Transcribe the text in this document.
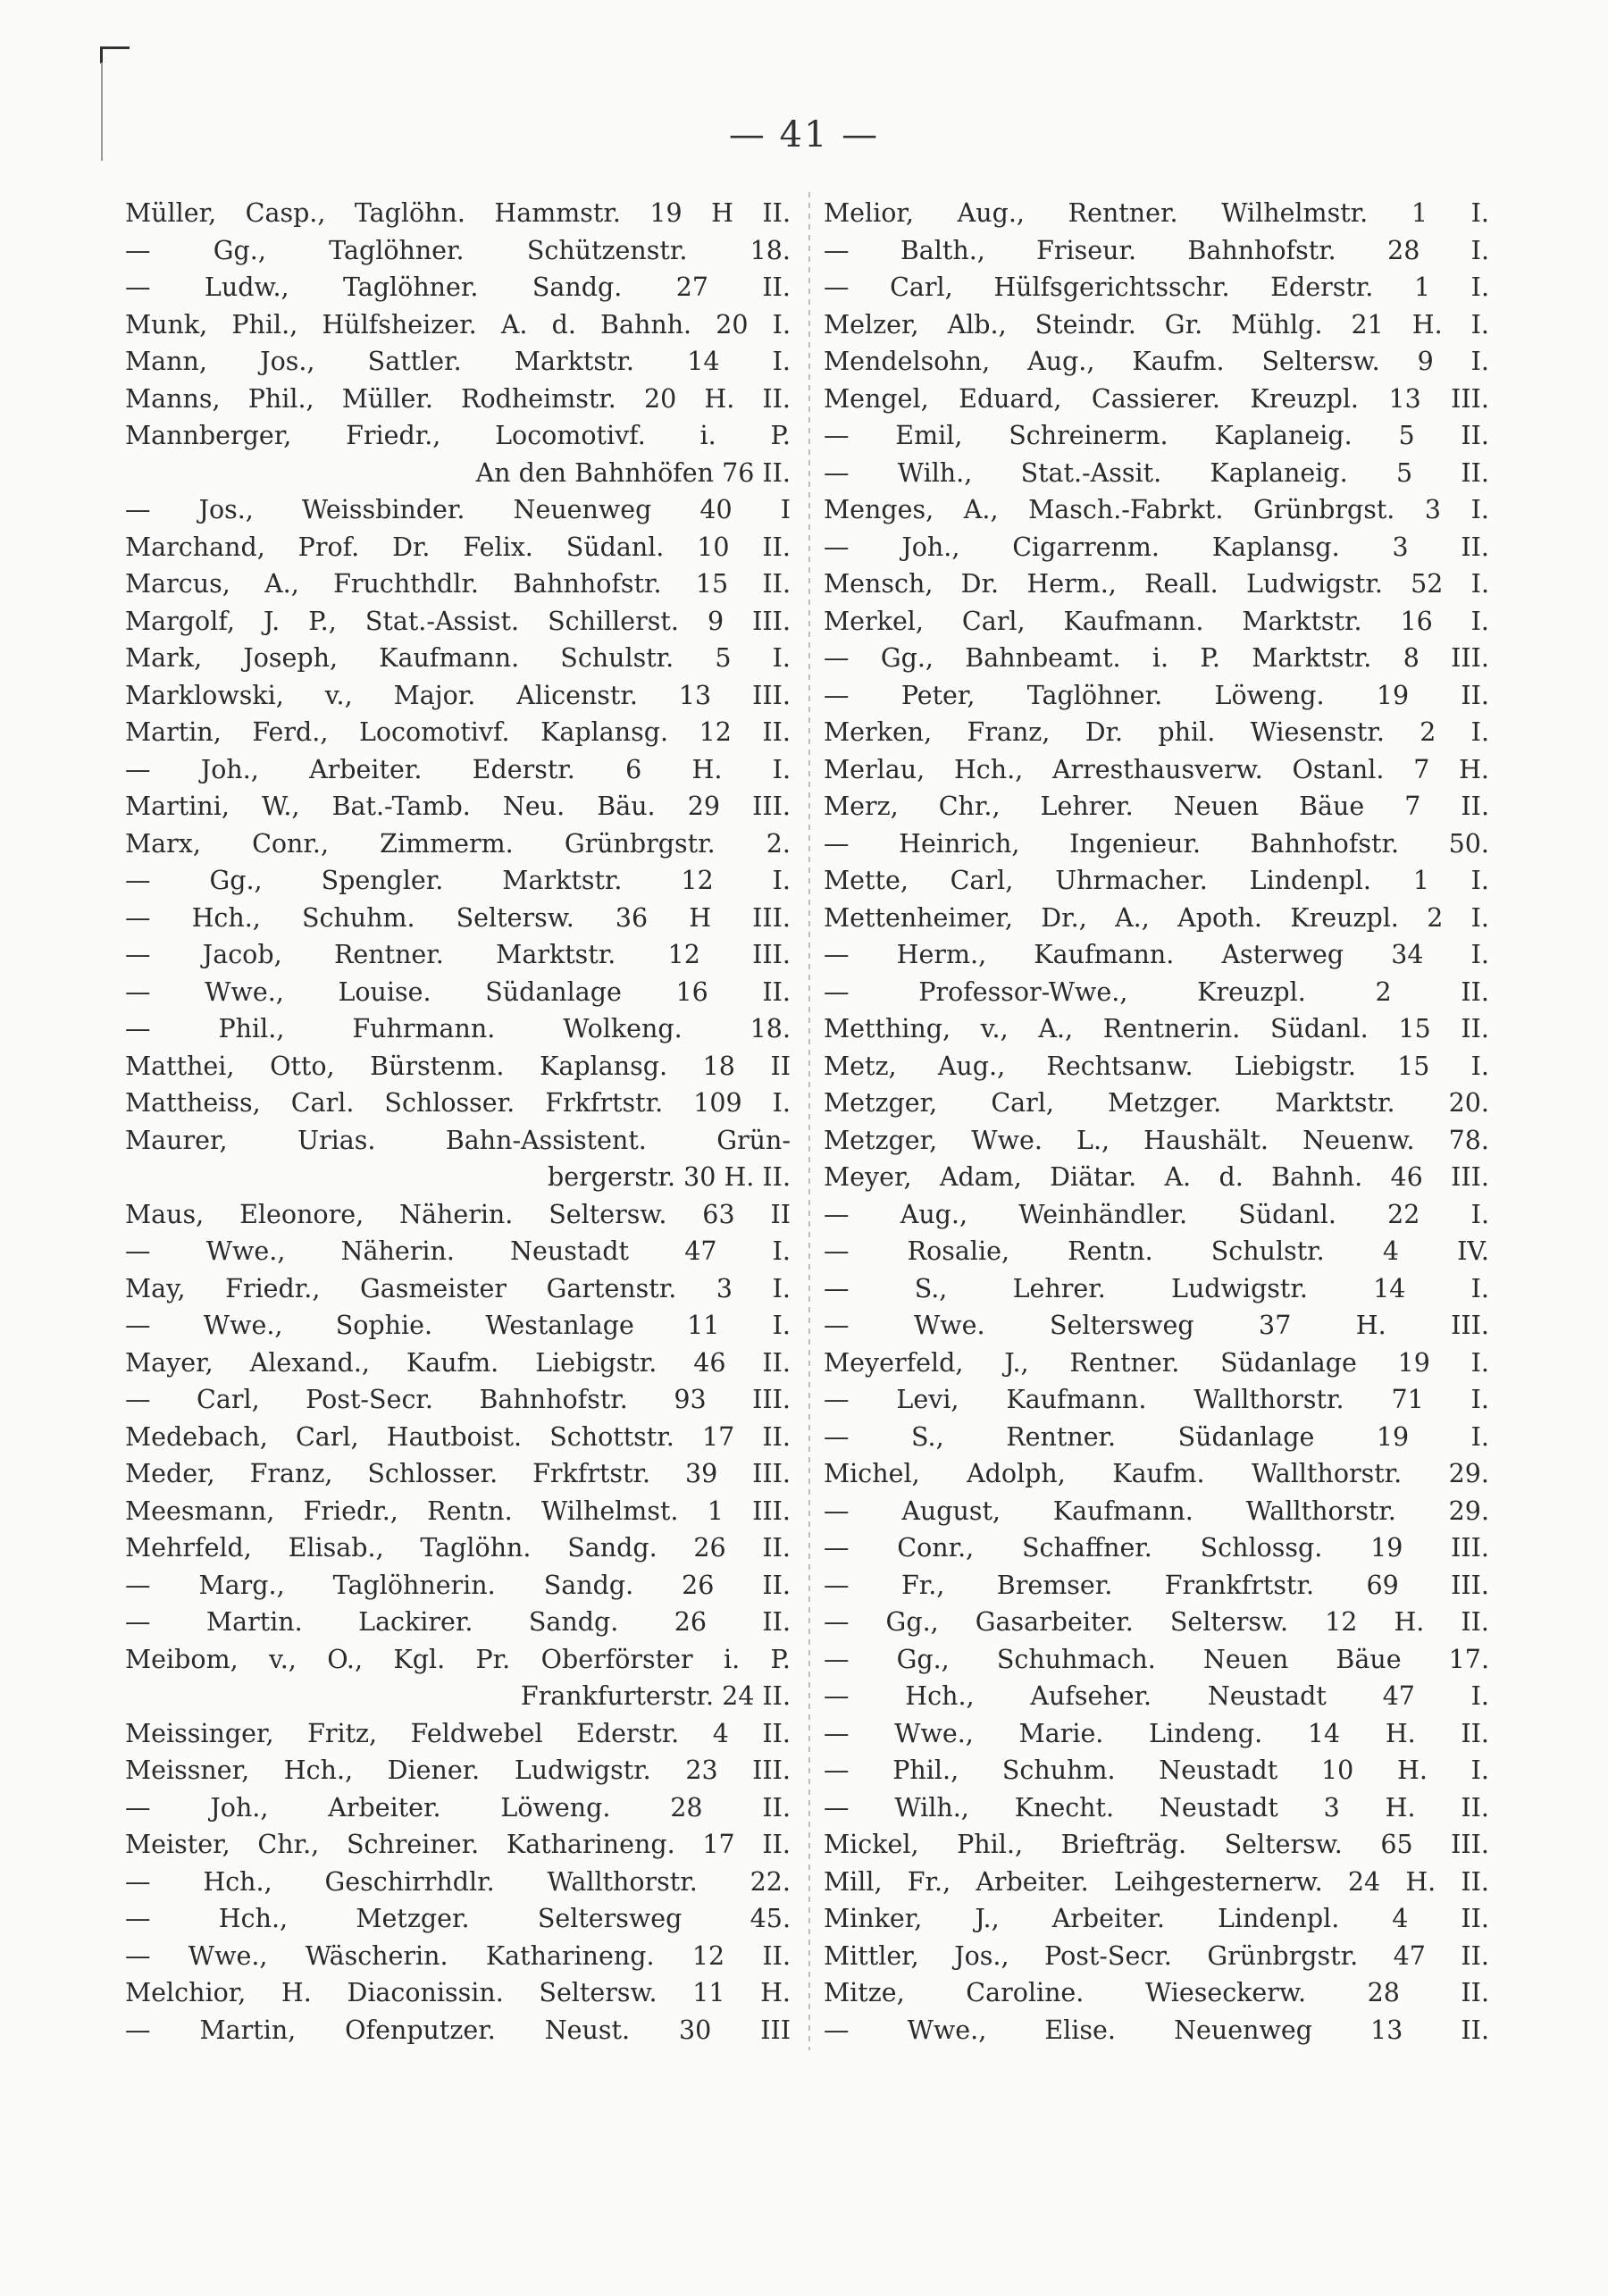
— 41 —
Müller, Casp., Taglöhn. Hammstr. 19 H II.
— Gg., Taglöhner. Schützenstr. 18.
— Ludw., Taglöhner. Sandg. 27 II.
Munk, Phil., Hülfsheizer. A. d. Bahnh. 20 I.
Mann, Jos., Sattler. Marktstr. 14 I.
Manns, Phil., Müller. Rodheimstr. 20 H. II.
Mannberger, Friedr., Locomotivf. i. P.
An den Bahnhöfen 76 II.
— Jos., Weissbinder. Neuenweg 40 I
Marchand, Prof. Dr. Felix. Südanl. 10 II.
Marcus, A., Fruchthdlr. Bahnhofstr. 15 II.
Margolf, J. P., Stat.-Assist. Schillerst. 9 III.
Mark, Joseph, Kaufmann. Schulstr. 5 I.
Marklowski, v., Major. Alicenstr. 13 III.
Martin, Ferd., Locomotivf. Kaplansg. 12 II.
— Joh., Arbeiter. Ederstr. 6 H. I.
Martini, W., Bat.-Tamb. Neu. Bäu. 29 III.
Marx, Conr., Zimmerm. Grünbrgstr. 2.
— Gg., Spengler. Marktstr. 12 I.
— Hch., Schuhm. Seltersw. 36 H III.
— Jacob, Rentner. Marktstr. 12 III.
— Wwe., Louise. Südanlage 16 II.
— Phil., Fuhrmann. Wolkeng. 18.
Matthei, Otto, Bürstenm. Kaplansg. 18 II
Mattheiss, Carl. Schlosser. Frkfrtstr. 109 I.
Maurer, Urias. Bahn-Assistent. Grün-
bergerstr. 30 H. II.
Maus, Eleonore, Näherin. Seltersw. 63 II
— Wwe., Näherin. Neustadt 47 I.
May, Friedr., Gasmeister Gartenstr. 3 I.
— Wwe., Sophie. Westanlage 11 I.
Mayer, Alexand., Kaufm. Liebigstr. 46 II.
— Carl, Post-Secr. Bahnhofstr. 93 III.
Medebach, Carl, Hautboist. Schottstr. 17 II.
Meder, Franz, Schlosser. Frkfrtstr. 39 III.
Meesmann, Friedr., Rentn. Wilhelmst. 1 III.
Mehrfeld, Elisab., Taglöhn. Sandg. 26 II.
— Marg., Taglöhnerin. Sandg. 26 II.
— Martin. Lackirer. Sandg. 26 II.
Meibom, v., O., Kgl. Pr. Oberförster i. P.
Frankfurterstr. 24 II.
Meissinger, Fritz, Feldwebel Ederstr. 4 II.
Meissner, Hch., Diener. Ludwigstr. 23 III.
— Joh., Arbeiter. Löweng. 28 II.
Meister, Chr., Schreiner. Katharineng. 17 II.
— Hch., Geschirrhdlr. Wallthorstr. 22.
— Hch., Metzger. Seltersweg 45.
— Wwe., Wäscherin. Katharineng. 12 II.
Melchior, H. Diaconissin. Seltersw. 11 H.
— Martin, Ofenputzer. Neust. 30 III
Melior, Aug., Rentner. Wilhelmstr. 1 I.
— Balth., Friseur. Bahnhofstr. 28 I.
— Carl, Hülfsgerichtsschr. Ederstr. 1 I.
Melzer, Alb., Steindr. Gr. Mühlg. 21 H. I.
Mendelsohn, Aug., Kaufm. Seltersw. 9 I.
Mengel, Eduard, Cassierer. Kreuzpl. 13 III.
— Emil, Schreinerm. Kaplaneig. 5 II.
— Wilh., Stat.-Assit. Kaplaneig. 5 II.
Menges, A., Masch.-Fabrkt. Grünbrgst. 3 I.
— Joh., Cigarrenm. Kaplansg. 3 II.
Mensch, Dr. Herm., Reall. Ludwigstr. 52 I.
Merkel, Carl, Kaufmann. Marktstr. 16 I.
— Gg., Bahnbeamt. i. P. Marktstr. 8 III.
— Peter, Taglöhner. Löweng. 19 II.
Merken, Franz, Dr. phil. Wiesenstr. 2 I.
Merlau, Hch., Arresthausverw. Ostanl. 7 H.
Merz, Chr., Lehrer. Neuen Bäue 7 II.
— Heinrich, Ingenieur. Bahnhofstr. 50.
Mette, Carl, Uhrmacher. Lindenpl. 1 I.
Mettenheimer, Dr., A., Apoth. Kreuzpl. 2 I.
— Herm., Kaufmann. Asterweg 34 I.
— Professor-Wwe., Kreuzpl. 2 II.
Metthing, v., A., Rentnerin. Südanl. 15 II.
Metz, Aug., Rechtsanw. Liebigstr. 15 I.
Metzger, Carl, Metzger. Marktstr. 20.
Metzger, Wwe. L., Haushält. Neuenw. 78.
Meyer, Adam, Diätar. A. d. Bahnh. 46 III.
— Aug., Weinhändler. Südanl. 22 I.
— Rosalie, Rentn. Schulstr. 4 IV.
— S., Lehrer. Ludwigstr. 14 I.
— Wwe. Seltersweg 37 H. III.
Meyerfeld, J., Rentner. Südanlage 19 I.
— Levi, Kaufmann. Wallthorstr. 71 I.
— S., Rentner. Südanlage 19 I.
Michel, Adolph, Kaufm. Wallthorstr. 29.
— August, Kaufmann. Wallthorstr. 29.
— Conr., Schaffner. Schlossg. 19 III.
— Fr., Bremser. Frankfrtstr. 69 III.
— Gg., Gasarbeiter. Seltersw. 12 H. II.
— Gg., Schuhmach. Neuen Bäue 17.
— Hch., Aufseher. Neustadt 47 I.
— Wwe., Marie. Lindeng. 14 H. II.
— Phil., Schuhm. Neustadt 10 H. I.
— Wilh., Knecht. Neustadt 3 H. II.
Mickel, Phil., Briefträg. Seltersw. 65 III.
Mill, Fr., Arbeiter. Leihgesternerw. 24 H. II.
Minker, J., Arbeiter. Lindenpl. 4 II.
Mittler, Jos., Post-Secr. Grünbrgstr. 47 II.
Mitze, Caroline. Wieseckerw. 28 II.
— Wwe., Elise. Neuenweg 13 II.
